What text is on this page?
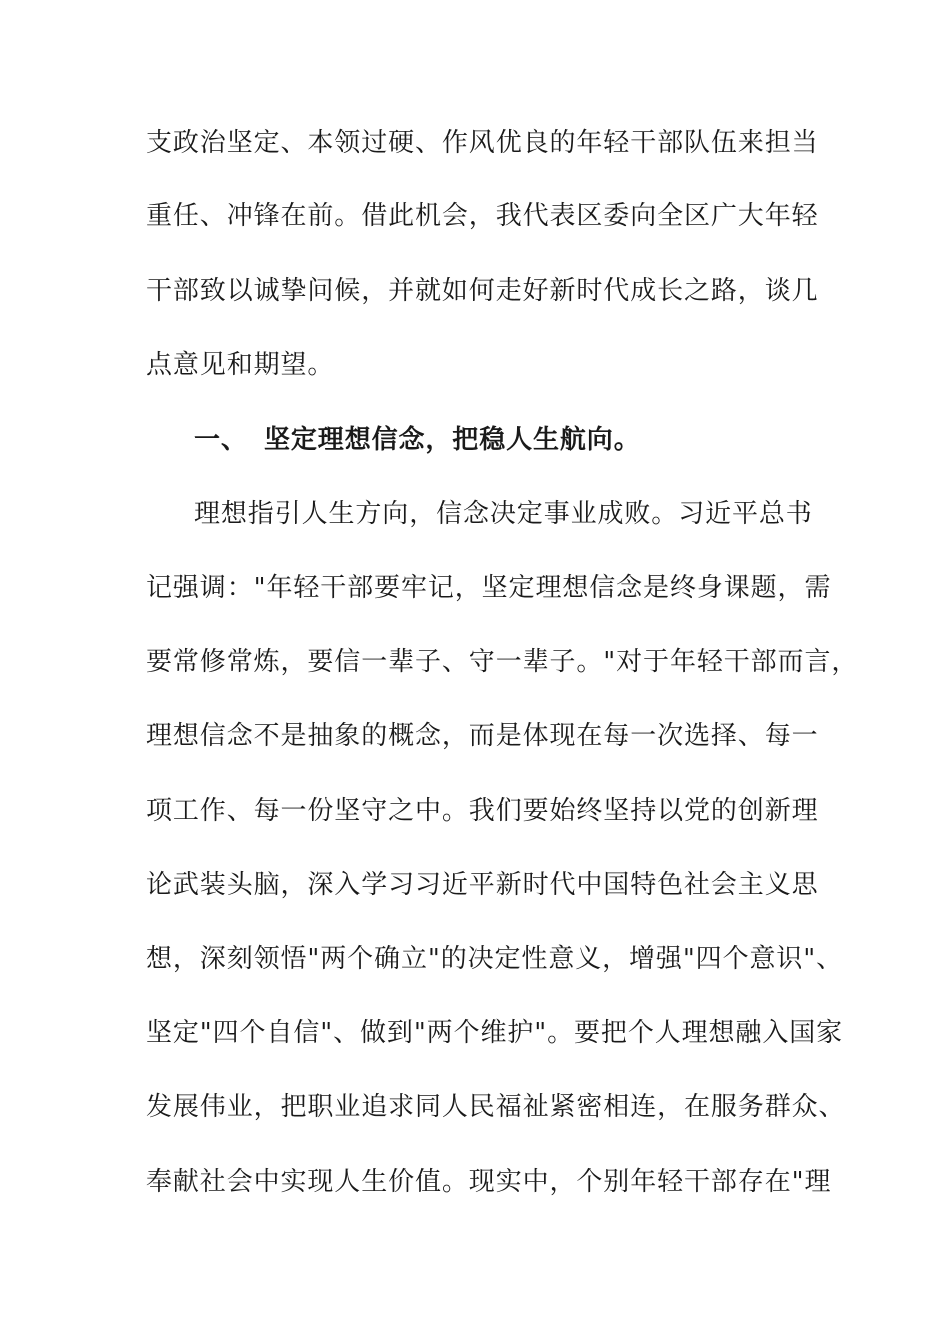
支政治坚定、本领过硬、作风优良的年轻干部队伍来担当
重任、冲锋在前。借此机会，我代表区委向全区广大年轻
干部致以诚挚问候，并就如何走好新时代成长之路，谈几
点意见和期望。
一、 坚定理想信念，把稳人生航向。
理想指引人生方向，信念决定事业成败。习近平总书
记强调："年轻干部要牢记，坚定理想信念是终身课题，需
要常修常炼，要信一辈子、守一辈子。"对于年轻干部而言，
理想信念不是抽象的概念，而是体现在每一次选择、每一
项工作、每一份坚守之中。我们要始终坚持以党的创新理
论武装头脑，深入学习习近平新时代中国特色社会主义思
想，深刻领悟"两个确立"的决定性意义，增强"四个意识"、
坚定"四个自信"、做到"两个维护"。要把个人理想融入国家
发展伟业，把职业追求同人民福祉紧密相连，在服务群众、
奉献社会中实现人生价值。现实中，个别年轻干部存在"理
